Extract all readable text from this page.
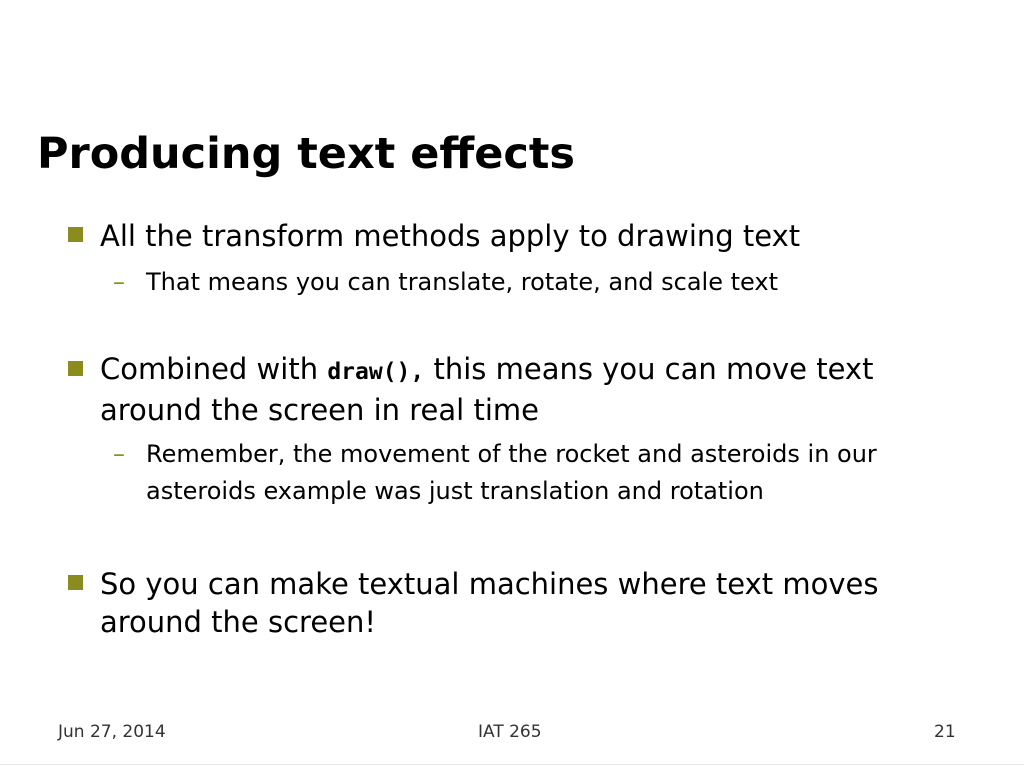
Producing text effects
All the transform methods apply to drawing text
– That means you can translate, rotate, and scale text
Combined with draw(), this means you can move text around the screen in real time
– Remember, the movement of the rocket and asteroids in our asteroids example was just translation and rotation
So you can make textual machines where text moves around the screen!
Jun 27, 2014	IAT 265	21
